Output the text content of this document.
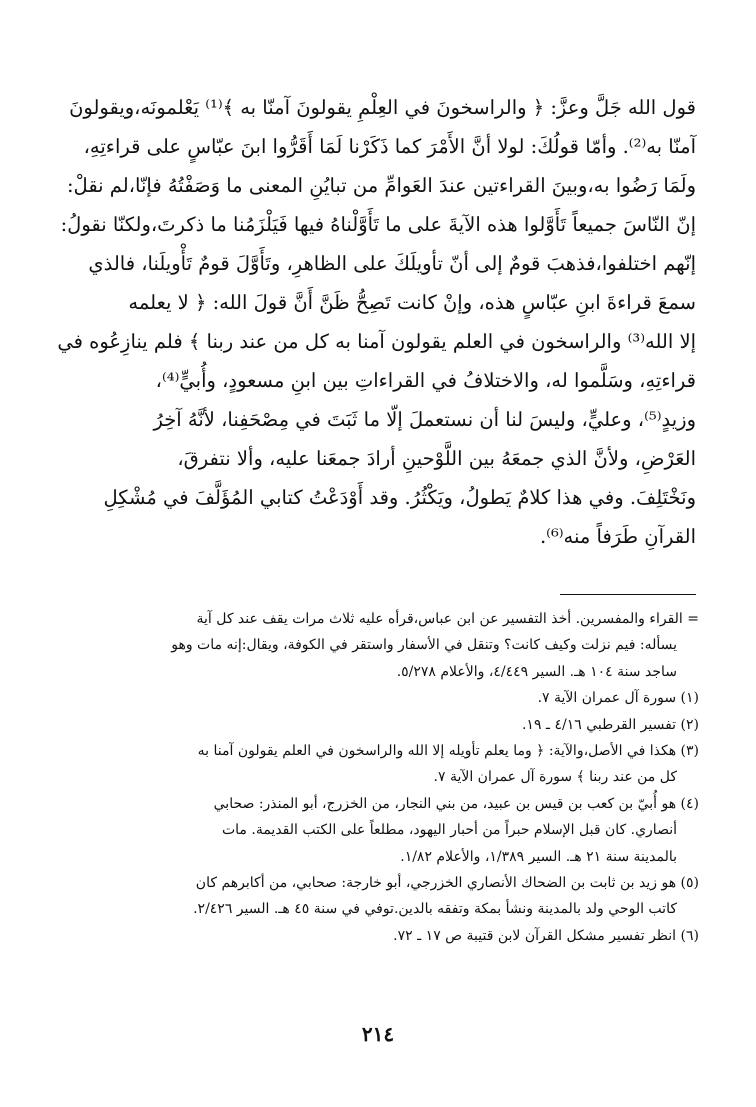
قول الله جَلَّ وعزَّ: ﴿ والراسخونَ في العِلْمِ يقولونَ آمنّا به ﴾⁽¹⁾ يَعْلمونَه،ويقولونَ
آمنّا به⁽²⁾. وأمّا قولُكَ: لولا أنَّ الأَمْرَ كما ذَكَرْنا لَمَا أَقَرُّوا ابنَ عبّاسٍ على قراءتِهِ،
ولَمَا رَضُوا به،وبينَ القراءتين عندَ العَوامِّ من تبايُنِ المعنى ما وَصَفْتُهُ فإنّا،لم نقلْ:
إنّ النّاسَ جميعاً تَأَوَّلوا هذه الآيةَ على ما تَأَوَّلْناهُ فيها فَيَلْزَمُنا ما ذكرتَ،ولكنّا نقولُ:
إنّهم اختلفوا،فذهبَ قومٌ إلى أنّ تأويلَكَ على الظاهرِ، وتَأَوَّلَ قومٌ تَأْويلَنا، فالذي
سمعَ قراءةَ ابنِ عبّاسٍ هذه، وإنْ كانت تَصِحُّ ظَنَّ أَنَّ قولَ الله: ﴿ لا يعلمه
إلا الله⁽³⁾ والراسخون في العلم يقولون آمنا به كل من عند ربنا ﴾ فلم ينازِعُوه في
قراءتِهِ، وسَلَّموا له، والاختلافُ في القراءاتِ بين ابنِ مسعودٍ، وأُبيٍّ⁽⁴⁾،
وزيدٍ⁽⁵⁾، وعليٍّ، وليسَ لنا أن نستعملَ إلّا ما ثَبَتَ في مِصْحَفِنا، لأنَّهُ آخِرُ
العَرْضِ، ولأنَّ الذي جمعَهُ بين اللَّوْحينِ أرادَ جمعَنا عليه، وألا نتفرقَ،
ونَخْتَلِفَ. وفي هذا كلامٌ يَطولُ، ويَكْثُرُ. وقد أَوْدَعْتُ كتابي المُؤَلَّفَ في مُشْكِلِ
القرآنِ طَرَفاً منه⁽⁶⁾.
= القراء والمفسرين. أخذ التفسير عن ابن عباس،قرأه عليه ثلاث مرات يقف عند كل آية
يسأله: فيم نزلت وكيف كانت؟ وتنقل في الأسفار واستقر في الكوفة، ويقال:إنه مات وهو
ساجد سنة ١٠٤ هـ. السير ٤/٤٤٩، والأعلام ٥/٢٧٨.
(١) سورة آل عمران الآية ٧.
(٢) تفسير القرطبي ٤/١٦ ـ ١٩.
(٣) هكذا في الأصل،والآية: ﴿ وما يعلم تأويله إلا الله والراسخون في العلم يقولون آمنا به
كل من عند ربنا ﴾ سورة آل عمران الآية ٧.
(٤) هو أُبيّ بن كعب بن قيس بن عبيد، من بني النجار، من الخزرج، أبو المنذر: صحابي
أنصاري. كان قبل الإسلام حبراً من أحبار اليهود، مطلعاً على الكتب القديمة. مات
بالمدينة سنة ٢١ هـ. السير ١/٣٨٩، والأعلام ١/٨٢.
(٥) هو زيد بن ثابت بن الضحاك الأنصاري الخزرجي، أبو خارجة: صحابي، من أكابرهم كان
كاتب الوحي ولد بالمدينة ونشأ بمكة وتفقه بالدين.توفي في سنة ٤٥ هـ. السير ٢/٤٢٦.
(٦) انظر تفسير مشكل القرآن لابن قتيبة ص ١٧ ـ ٧٢.
٢١٤
